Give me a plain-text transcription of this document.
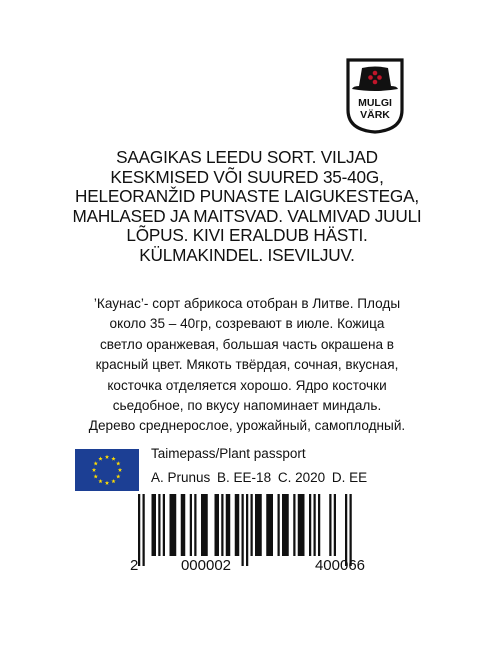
MULGI
VÄRK
SAAGIKAS LEEDU SORT. VILJAD
KESKMISED VÕI SUURED 35-40G,
HELEORANŽID PUNASTE LAIGUKESTEGA,
MAHLASED JA MAITSVAD. VALMIVAD JUULI
LÕPUS. KIVI ERALDUB HÄSTI.
KÜLMAKINDEL. ISEVILJUV.
’Каунас’- сорт абрикоса отобран в Литве. Плоды
около 35 – 40гр, созревают в июле. Кожица
светло оранжевая, большая часть окрашена в
красный цвет. Мякоть твёрдая, сочная, вкусная,
косточка отделяется хорошо. Ядро косточки
сьедобное, по вкусу напоминает миндаль.
Дерево среднерослое, урожайный, самоплодный.
Taimepass/Plant passport
A. Prunus B. EE-18 C. 2020 D. EE
2	000002	400066
